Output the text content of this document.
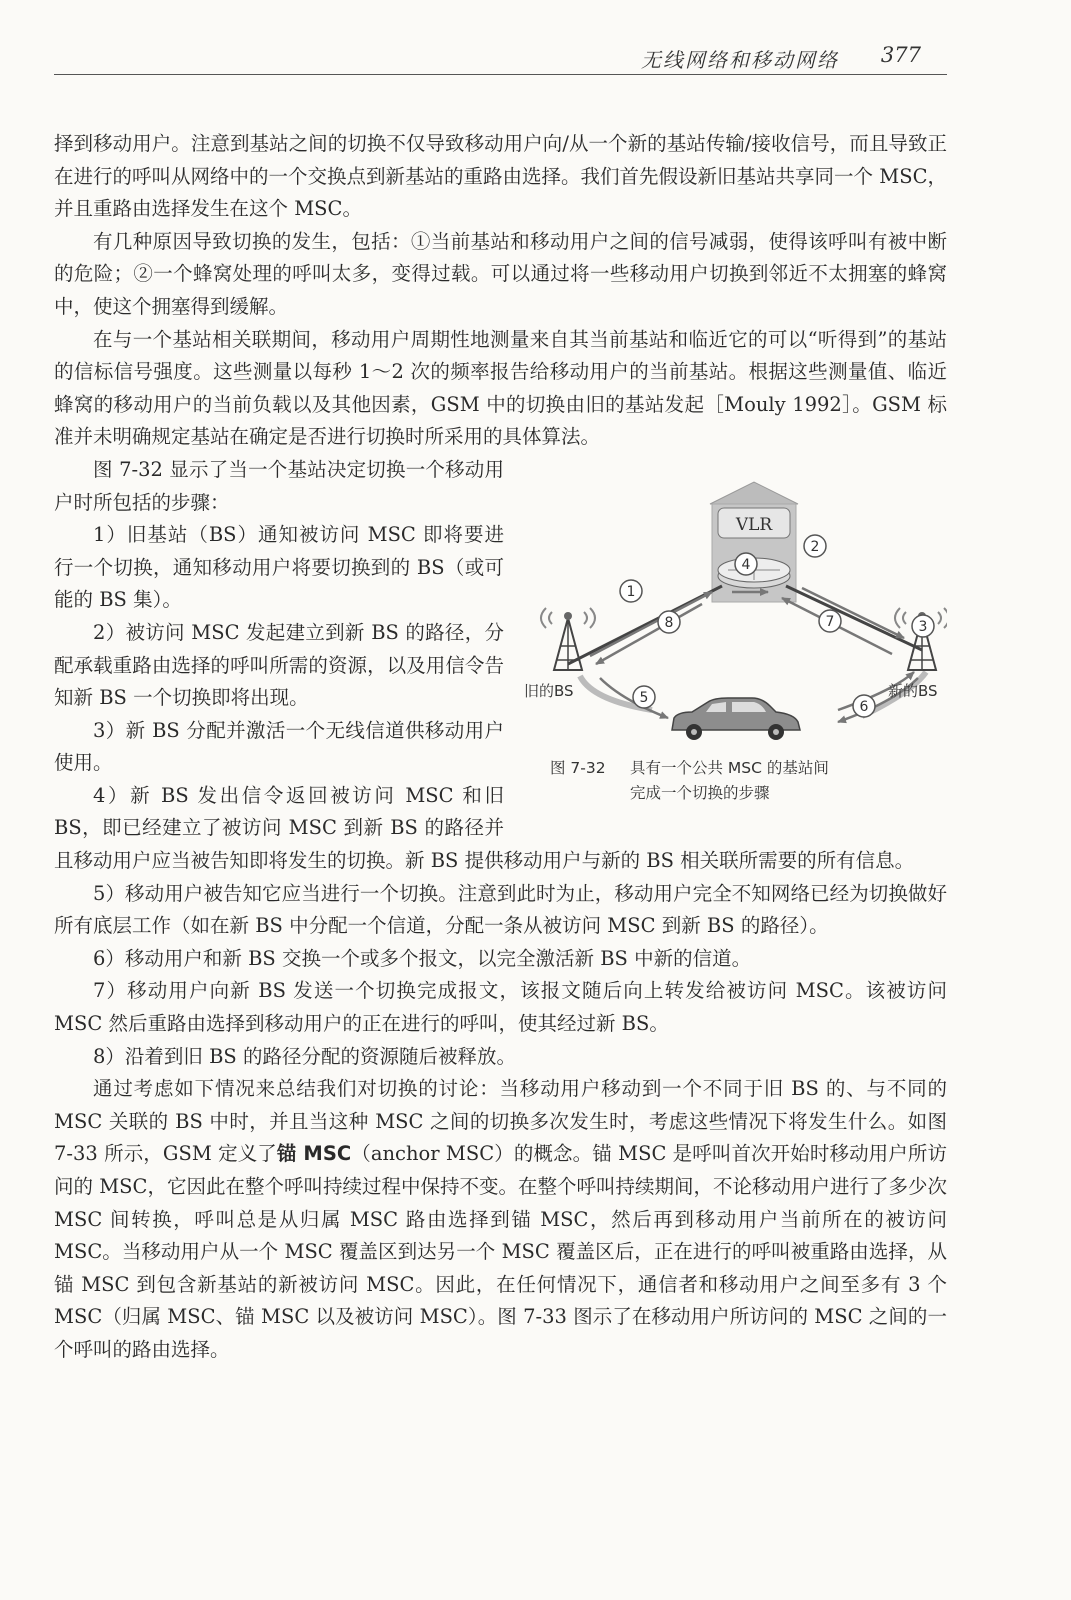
无线网络和移动网络 377

择到移动用户。注意到基站之间的切换不仅导致移动用户向/从一个新的基站传输/接收信号，而且导致正在进行的呼叫从网络中的一个交换点到新基站的重路由选择。我们首先假设新旧基站共享同一个 MSC，并且重路由选择发生在这个 MSC。

有几种原因导致切换的发生，包括：①当前基站和移动用户之间的信号减弱，使得该呼叫有被中断的危险；②一个蜂窝处理的呼叫太多，变得过载。可以通过将一些移动用户切换到邻近不太拥塞的蜂窝中，使这个拥塞得到缓解。

在与一个基站相关联期间，移动用户周期性地测量来自其当前基站和临近它的可以“听得到”的基站的信标信号强度。这些测量以每秒 1～2 次的频率报告给移动用户的当前基站。根据这些测量值、临近蜂窝的移动用户的当前负载以及其他因素，GSM 中的切换由旧的基站发起［Mouly 1992］。GSM 标准并未明确规定基站在确定是否进行切换时所采用的具体算法。

VLR
旧的BS	新的BS
1
2
3
4
5
6
7
8
图 7-32 具有一个公共 MSC 的基站间
完成一个切换的步骤

图 7-32 显示了当一个基站决定切换一个移动用户时所包括的步骤：

1）旧基站（BS）通知被访问 MSC 即将要进行一个切换，通知移动用户将要切换到的 BS（或可能的 BS 集）。

2）被访问 MSC 发起建立到新 BS 的路径，分配承载重路由选择的呼叫所需的资源，以及用信令告知新 BS 一个切换即将出现。

3）新 BS 分配并激活一个无线信道供移动用户使用。

4）新 BS 发出信令返回被访问 MSC 和旧 BS，即已经建立了被访问 MSC 到新 BS 的路径并且移动用户应当被告知即将发生的切换。新 BS 提供移动用户与新的 BS 相关联所需要的所有信息。

5）移动用户被告知它应当进行一个切换。注意到此时为止，移动用户完全不知网络已经为切换做好所有底层工作（如在新 BS 中分配一个信道，分配一条从被访问 MSC 到新 BS 的路径）。

6）移动用户和新 BS 交换一个或多个报文，以完全激活新 BS 中新的信道。

7）移动用户向新 BS 发送一个切换完成报文，该报文随后向上转发给被访问 MSC。该被访问 MSC 然后重路由选择到移动用户的正在进行的呼叫，使其经过新 BS。

8）沿着到旧 BS 的路径分配的资源随后被释放。

通过考虑如下情况来总结我们对切换的讨论：当移动用户移动到一个不同于旧 BS 的、与不同的 MSC 关联的 BS 中时，并且当这种 MSC 之间的切换多次发生时，考虑这些情况下将发生什么。如图 7-33 所示，GSM 定义了锚 MSC（anchor MSC）的概念。锚 MSC 是呼叫首次开始时移动用户所访问的 MSC，它因此在整个呼叫持续过程中保持不变。在整个呼叫持续期间，不论移动用户进行了多少次 MSC 间转换，呼叫总是从归属 MSC 路由选择到锚 MSC，然后再到移动用户当前所在的被访问 MSC。当移动用户从一个 MSC 覆盖区到达另一个 MSC 覆盖区后，正在进行的呼叫被重路由选择，从锚 MSC 到包含新基站的新被访问 MSC。因此，在任何情况下，通信者和移动用户之间至多有 3 个 MSC（归属 MSC、锚 MSC 以及被访问 MSC）。图 7-33 图示了在移动用户所访问的 MSC 之间的一个呼叫的路由选择。
